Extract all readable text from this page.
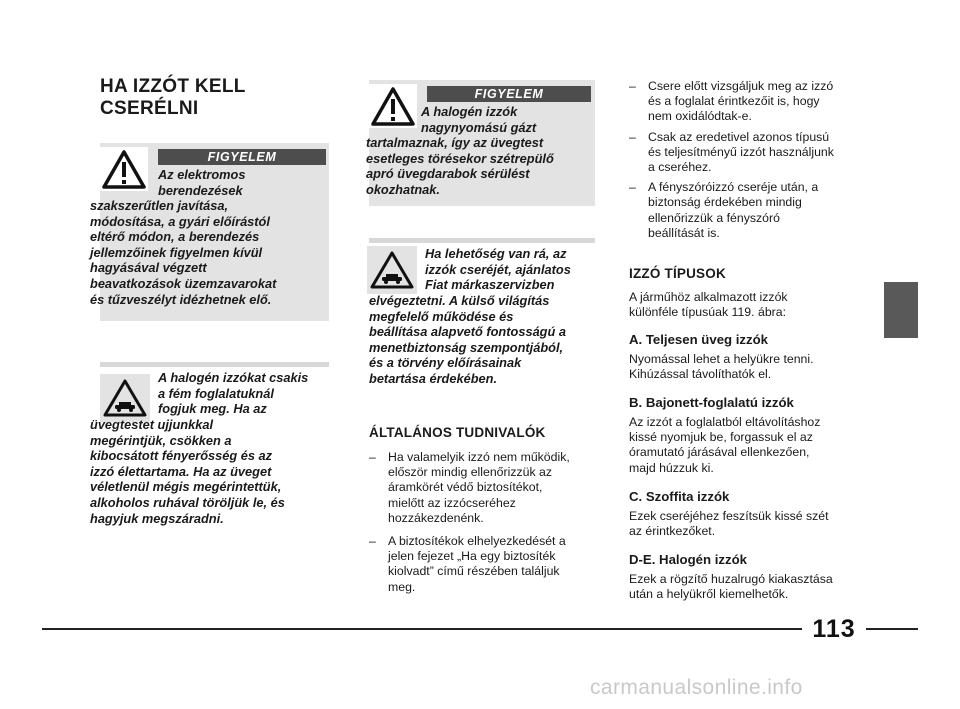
HA IZZÓT KELL
CSERÉLNI
FIGYELEM
Az elektromos
berendezések
szakszerűtlen javítása,
módosítása, a gyári előírástól
eltérő módon, a berendezés
jellemzőinek figyelmen kívül
hagyásával végzett
beavatkozások üzemzavarokat
és tűzveszélyt idézhetnek elő.
A halogén izzókat csakis
a fém foglalatuknál
fogjuk meg. Ha az
üvegtestet ujjunkkal
megérintjük, csökken a
kibocsátott fényerősség és az
izzó élettartama. Ha az üveget
véletlenül mégis megérintettük,
alkoholos ruhával töröljük le, és
hagyjuk megszáradni.
FIGYELEM
A halogén izzók
nagynyomású gázt
tartalmaznak, így az üvegtest
esetleges törésekor szétrepülő
apró üvegdarabok sérülést
okozhatnak.
Ha lehetőség van rá, az
izzók cseréjét, ajánlatos
Fiat márkaszervizben
elvégeztetni. A külső világítás
megfelelő működése és
beállítása alapvető fontosságú a
menetbiztonság szempontjából,
és a törvény előírásainak
betartása érdekében.
ÁLTALÁNOS TUDNIVALÓK
– Ha valamelyik izzó nem működik,
először mindig ellenőrizzük az
áramkörét védő biztosítékot,
mielőtt az izzócseréhez
hozzákezdenénk.
– A biztosítékok elhelyezkedését a
jelen fejezet „Ha egy biztosíték
kiolvadt” című részében találjuk
meg.
– Csere előtt vizsgáljuk meg az izzó
és a foglalat érintkezőit is, hogy
nem oxidálódtak-e.
– Csak az eredetivel azonos típusú
és teljesítményű izzót használjunk
a cseréhez.
– A fényszóróizzó cseréje után, a
biztonság érdekében mindig
ellenőrizzük a fényszóró
beállítását is.
IZZÓ TÍPUSOK
A járműhöz alkalmazott izzók
különféle típusúak 119. ábra:
A. Teljesen üveg izzók
Nyomással lehet a helyükre tenni.
Kihúzással távolíthatók el.
B. Bajonett-foglalatú izzók
Az izzót a foglalatból eltávolításhoz
kissé nyomjuk be, forgassuk el az
óramutató járásával ellenkezően,
majd húzzuk ki.
C. Szoffita izzók
Ezek cseréjéhez feszítsük kissé szét
az érintkezőket.
D-E. Halogén izzók
Ezek a rögzítő huzalrugó kiakasztása
után a helyükről kiemelhetők.
113
carmanualsonline.info
